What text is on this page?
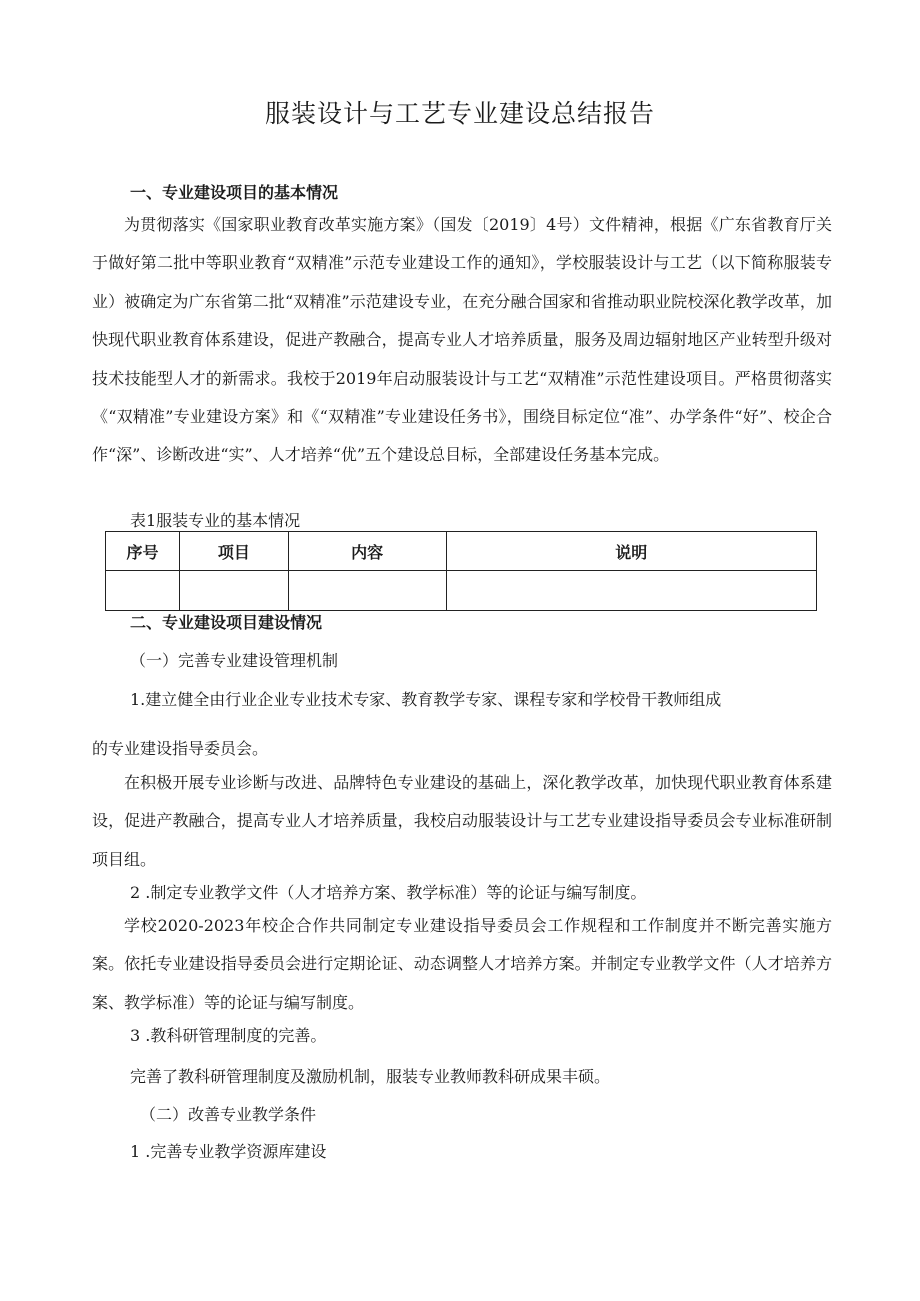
服装设计与工艺专业建设总结报告
一、专业建设项目的基本情况

为贯彻落实《国家职业教育改革实施方案》（国发〔2019〕4号）文件精神，根据《广东省教育厅关于做好第二批中等职业教育“双精准”示范专业建设工作的通知》，学校服装设计与工艺（以下简称服装专业）被确定为广东省第二批“双精准”示范建设专业，在充分融合国家和省推动职业院校深化教学改革，加快现代职业教育体系建设，促进产教融合，提高专业人才培养质量，服务及周边辐射地区产业转型升级对技术技能型人才的新需求。我校于2019年启动服装设计与工艺“双精准”示范性建设项目。严格贯彻落实《“双精准”专业建设方案》和《“双精准”专业建设任务书》，围绕目标定位“准”、办学条件“好”、校企合作“深”、诊断改进“实”、人才培养“优”五个建设总目标，全部建设任务基本完成。

表1服装专业的基本情况
序号	项目	内容	说明

二、专业建设项目建设情况
（一）完善专业建设管理机制
1.建立健全由行业企业专业技术专家、教育教学专家、课程专家和学校骨干教师组成
的专业建设指导委员会。

在积极开展专业诊断与改进、品牌特色专业建设的基础上，深化教学改革，加快现代职业教育体系建设，促进产教融合，提高专业人才培养质量，我校启动服装设计与工艺专业建设指导委员会专业标准研制项目组。

2 .制定专业教学文件（人才培养方案、教学标准）等的论证与编写制度。

学校2020-2023年校企合作共同制定专业建设指导委员会工作规程和工作制度并不断完善实施方案。依托专业建设指导委员会进行定期论证、动态调整人才培养方案。并制定专业教学文件（人才培养方案、教学标准）等的论证与编写制度。

3 .教科研管理制度的完善。
完善了教科研管理制度及激励机制，服装专业教师教科研成果丰硕。
（二）改善专业教学条件
1 .完善专业教学资源库建设
